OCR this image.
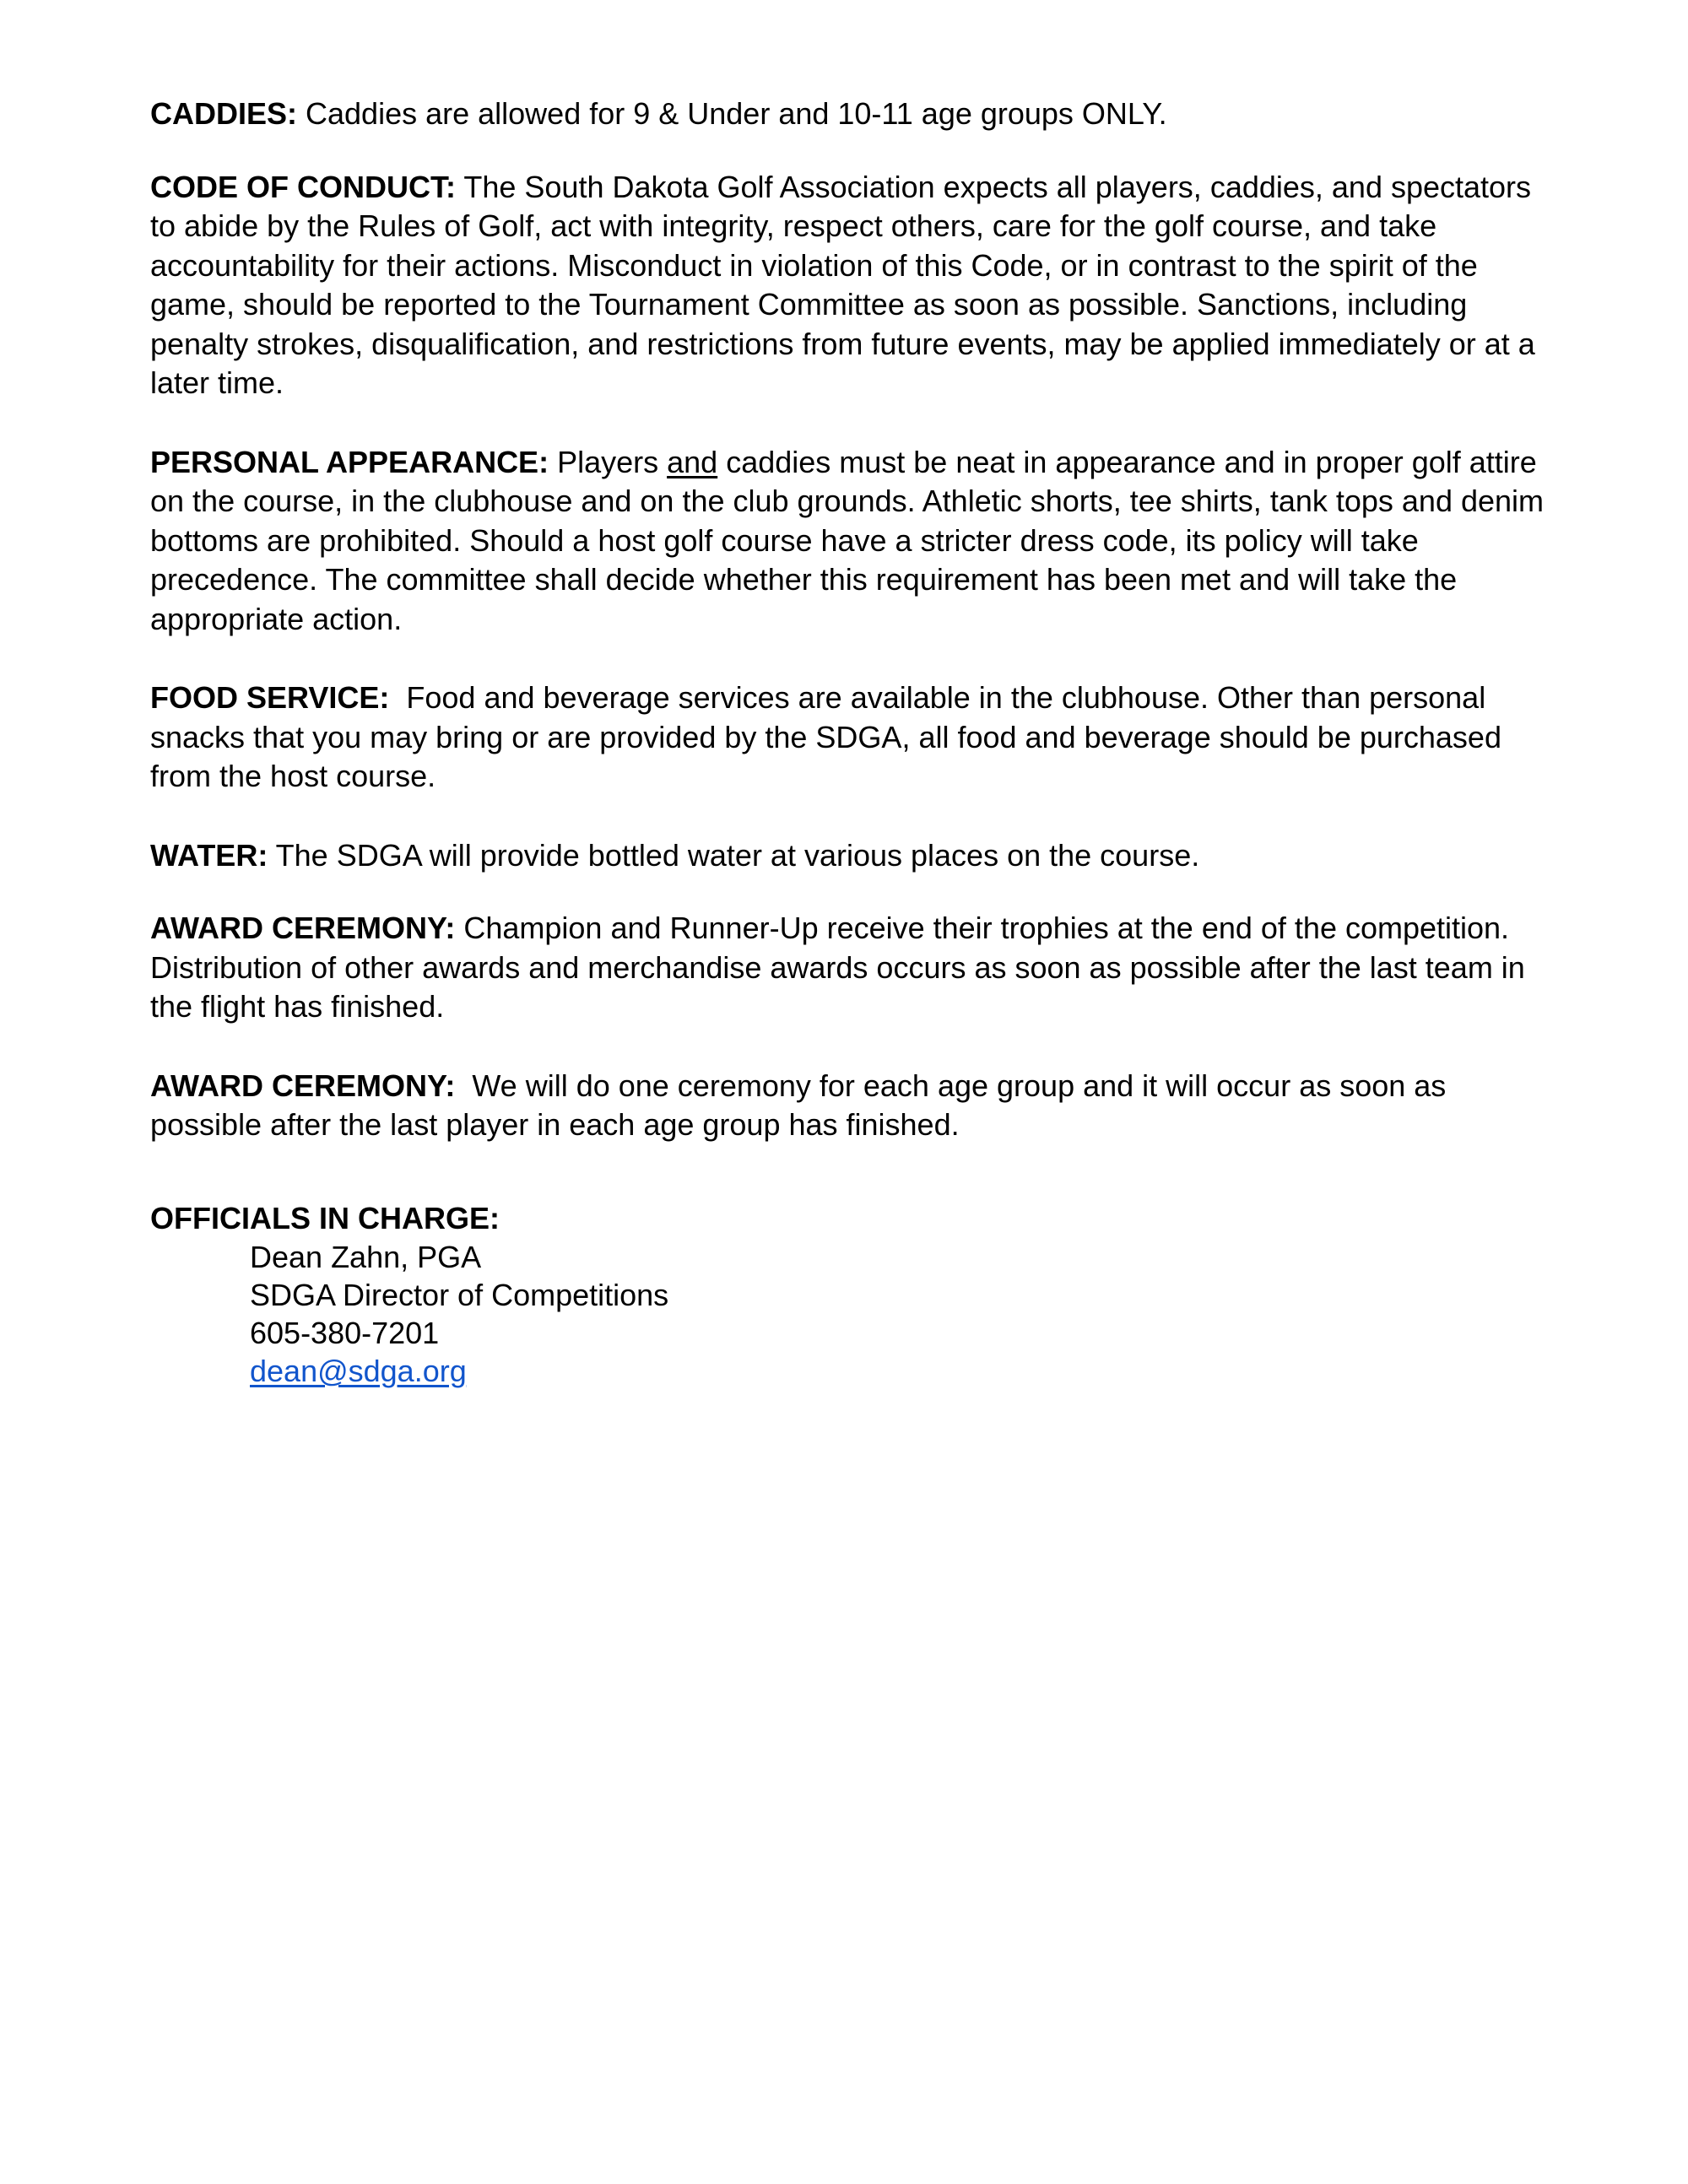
CADDIES: Caddies are allowed for 9 & Under and 10-11 age groups ONLY.

CODE OF CONDUCT: The South Dakota Golf Association expects all players, caddies, and spectators to abide by the Rules of Golf, act with integrity, respect others, care for the golf course, and take accountability for their actions. Misconduct in violation of this Code, or in contrast to the spirit of the game, should be reported to the Tournament Committee as soon as possible. Sanctions, including penalty strokes, disqualification, and restrictions from future events, may be applied immediately or at a later time.

PERSONAL APPEARANCE: Players and caddies must be neat in appearance and in proper golf attire on the course, in the clubhouse and on the club grounds. Athletic shorts, tee shirts, tank tops and denim bottoms are prohibited. Should a host golf course have a stricter dress code, its policy will take precedence. The committee shall decide whether this requirement has been met and will take the appropriate action.

FOOD SERVICE:  Food and beverage services are available in the clubhouse. Other than personal snacks that you may bring or are provided by the SDGA, all food and beverage should be purchased from the host course.

WATER: The SDGA will provide bottled water at various places on the course.

AWARD CEREMONY: Champion and Runner-Up receive their trophies at the end of the competition. Distribution of other awards and merchandise awards occurs as soon as possible after the last team in the flight has finished.

AWARD CEREMONY:  We will do one ceremony for each age group and it will occur as soon as possible after the last player in each age group has finished.

OFFICIALS IN CHARGE:
Dean Zahn, PGA
SDGA Director of Competitions
605-380-7201
dean@sdga.org
